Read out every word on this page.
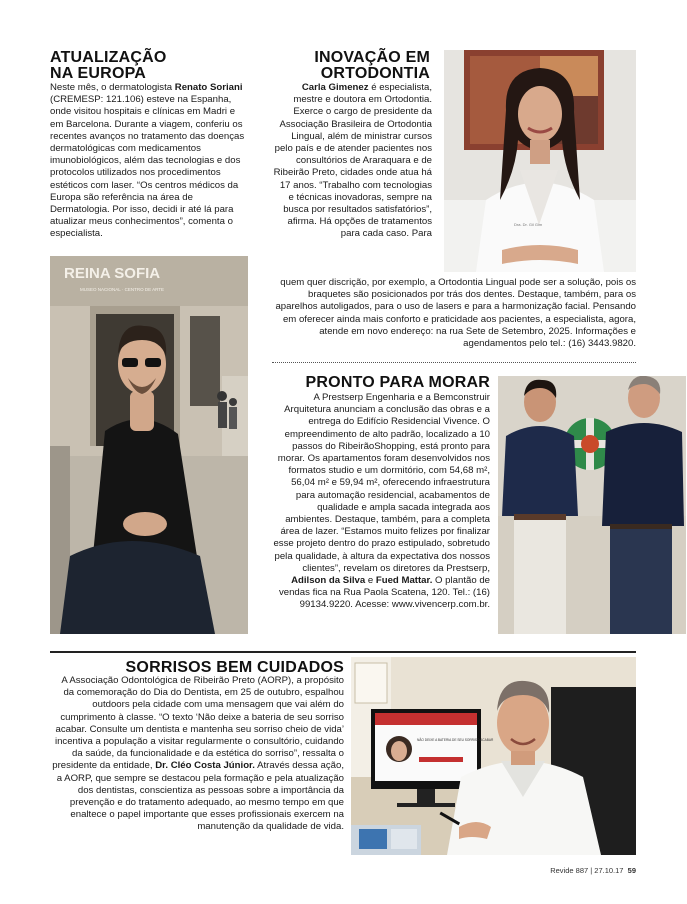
ATUALIZAÇÃO
NA EUROPA

Neste mês, o dermatologista Renato Soriani (CREMESP: 121.106) esteve na Espanha, onde visitou hospitais e clínicas em Madri e em Barcelona. Durante a viagem, conferiu os recentes avanços no tratamento das doenças dermatológicas com medicamentos imunobiológicos, além das tecnologias e dos protocolos utilizados nos procedimentos estéticos com laser. “Os centros médicos da Europa são referência na área de Dermatologia. Por isso, decidi ir até lá para atualizar meus conhecimentos”, comenta o especialista.

REINA SOFIA
MUSEO NACIONAL · CENTRO DE ARTE
INOVAÇÃO EM
ORTODONTIA

Carla Gimenez é especialista, mestre e doutora em Ortodontia. Exerce o cargo de presidente da Associação Brasileira de Ortodontia Lingual, além de ministrar cursos pelo país e de atender pacientes nos consultórios de Araraquara e de Ribeirão Preto, cidades onde atua há 17 anos. “Trabalho com tecnologias e técnicas inovadoras, sempre na busca por resultados satisfatórios”, afirma. Há opções de tratamentos para cada caso. Para

quem quer discrição, por exemplo, a Ortodontia Lingual pode ser a solução, pois os braquetes são posicionados por trás dos dentes. Destaque, também, para os aparelhos autoligados, para o uso de lasers e para a harmonização facial. Pensando em oferecer ainda mais conforto e praticidade aos pacientes, a especialista, agora, atende em novo endereço: na rua Sete de Setembro, 2025. Informações e agendamentos pelo tel.: (16) 3443.9820.

Dra. Dr. Gil Gim
PRONTO PARA MORAR

A Prestserp Engenharia e a Bemconstruir Arquitetura anunciam a conclusão das obras e a entrega do Edifício Residencial Vivence. O empreendimento de alto padrão, localizado a 10 passos do RibeirãoShopping, está pronto para morar. Os apartamentos foram desenvolvidos nos formatos studio e um dormitório, com 54,68 m², 56,04 m² e 59,94 m², oferecendo infraestrutura para automação residencial, acabamentos de qualidade e ampla sacada integrada aos ambientes. Destaque, também, para a completa área de lazer. “Estamos muito felizes por finalizar esse projeto dentro do prazo estipulado, sobretudo pela qualidade, à altura da expectativa dos nossos clientes”, revelam os diretores da Prestserp, Adilson da Silva e Fued Mattar. O plantão de vendas fica na Rua Paola Scatena, 120. Tel.: (16) 99134.9220. Acesse: www.vivencerp.com.br.

SORRISOS BEM CUIDADOS

A Associação Odontológica de Ribeirão Preto (AORP), a propósito da comemoração do Dia do Dentista, em 25 de outubro, espalhou outdoors pela cidade com uma mensagem que vai além do cumprimento à classe. “O texto ‘Não deixe a bateria de seu sorriso acabar. Consulte um dentista e mantenha seu sorriso cheio de vida’ incentiva a população a visitar regularmente o consultório, cuidando da saúde, da funcionalidade e da estética do sorriso”, ressalta o presidente da entidade, Dr. Cléo Costa Júnior. Através dessa ação, a AORP, que sempre se destacou pela formação e pela atualização dos dentistas, conscientiza as pessoas sobre a importância da prevenção e do tratamento adequado, ao mesmo tempo em que enaltece o papel importante que esses profissionais exercem na manutenção da qualidade de vida.

NÃO DEIXE A BATERIA DE SEU SORRISO ACABAR
Revide 887 | 27.10.17 59
